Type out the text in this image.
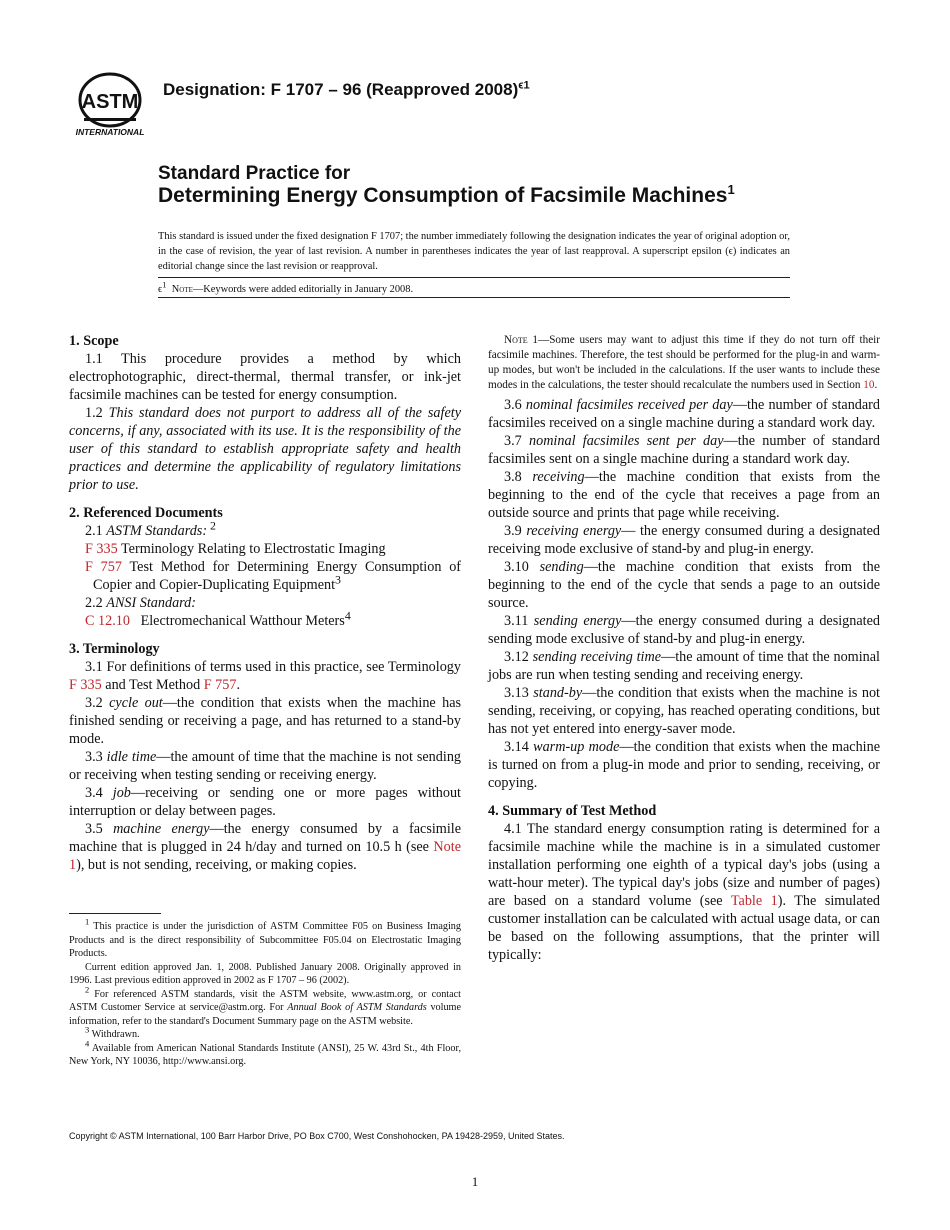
ASTM
INTERNATIONAL
Designation: F 1707 – 96 (Reapproved 2008)$^{\epsilon 1}$
Standard Practice for
Determining Energy Consumption of Facsimile Machines$^1$
This standard is issued under the fixed designation F 1707; the number immediately following the designation indicates the year of original adoption or, in the case of revision, the year of last revision. A number in parentheses indicates the year of last reapproval. A superscript epsilon (ϵ) indicates an editorial change since the last revision or reapproval.
$\epsilon^1$ Note—Keywords were added editorially in January 2008.
1. Scope

1.1 This procedure provides a method by which electrophotographic, direct-thermal, thermal transfer, or ink-jet facsimile machines can be tested for energy consumption.

1.2 This standard does not purport to address all of the safety concerns, if any, associated with its use. It is the responsibility of the user of this standard to establish appropriate safety and health practices and determine the applicability of regulatory limitations prior to use.

2. Referenced Documents

2.1 ASTM Standards: $^2$

F 335 Terminology Relating to Electrostatic Imaging

F 757 Test Method for Determining Energy Consumption of Copier and Copier-Duplicating Equipment$^3$

2.2 ANSI Standard:

C 12.10   Electromechanical Watthour Meters$^4$

3. Terminology

3.1 For definitions of terms used in this practice, see Terminology F 335 and Test Method F 757.

3.2 cycle out—the condition that exists when the machine has finished sending or receiving a page, and has returned to a stand-by mode.

3.3 idle time—the amount of time that the machine is not sending or receiving when testing sending or receiving energy.

3.4 job—receiving or sending one or more pages without interruption or delay between pages.

3.5 machine energy—the energy consumed by a facsimile machine that is plugged in 24 h/day and turned on 10.5 h (see Note 1), but is not sending, receiving, or making copies.

Note 1—Some users may want to adjust this time if they do not turn off their facsimile machines. Therefore, the test should be performed for the plug-in and warm-up modes, but won't be included in the calculations. If the user wants to include these modes in the calculations, the tester should recalculate the numbers used in Section 10.

3.6 nominal facsimiles received per day—the number of standard facsimiles received on a single machine during a standard work day.

3.7 nominal facsimiles sent per day—the number of standard facsimiles sent on a single machine during a standard work day.

3.8 receiving—the machine condition that exists from the beginning to the end of the cycle that receives a page from an outside source and prints that page while receiving.

3.9 receiving energy— the energy consumed during a designated receiving mode exclusive of stand-by and plug-in energy.

3.10 sending—the machine condition that exists from the beginning to the end of the cycle that sends a page to an outside source.

3.11 sending energy—the energy consumed during a designated sending mode exclusive of stand-by and plug-in energy.

3.12 sending receiving time—the amount of time that the nominal jobs are run when testing sending and receiving energy.

3.13 stand-by—the condition that exists when the machine is not sending, receiving, or copying, has reached operating conditions, but has not yet entered into energy-saver mode.

3.14 warm-up mode—the condition that exists when the machine is turned on from a plug-in mode and prior to sending, receiving, or copying.

4. Summary of Test Method

4.1 The standard energy consumption rating is determined for a facsimile machine while the machine is in a simulated customer installation performing one eighth of a typical day's jobs (using a watt-hour meter). The typical day's jobs (size and number of pages) are based on a standard volume (see Table 1). The simulated customer installation can be calculated with actual usage data, or can be based on the following assumptions, that the printer will typically:

$^1$ This practice is under the jurisdiction of ASTM Committee F05 on Business Imaging Products and is the direct responsibility of Subcommittee F05.04 on Electrostatic Imaging Products.

Current edition approved Jan. 1, 2008. Published January 2008. Originally approved in 1996. Last previous edition approved in 2002 as F 1707 – 96 (2002).

$^2$ For referenced ASTM standards, visit the ASTM website, www.astm.org, or contact ASTM Customer Service at service@astm.org. For Annual Book of ASTM Standards volume information, refer to the standard's Document Summary page on the ASTM website.

$^3$ Withdrawn.

$^4$ Available from American National Standards Institute (ANSI), 25 W. 43rd St., 4th Floor, New York, NY 10036, http://www.ansi.org.

Copyright © ASTM International, 100 Barr Harbor Drive, PO Box C700, West Conshohocken, PA 19428-2959, United States.
1
